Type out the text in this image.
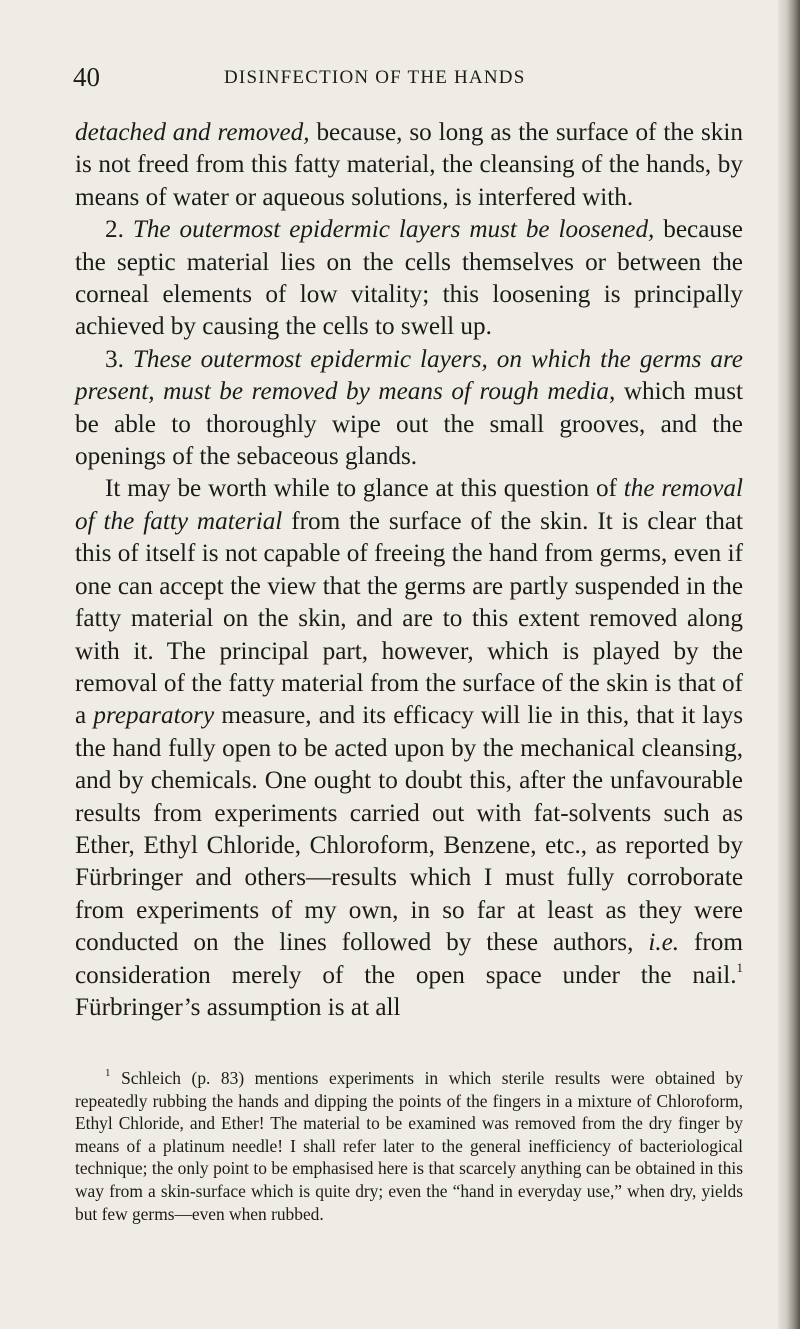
40	DISINFECTION OF THE HANDS

detached and removed, because, so long as the surface of the skin is not freed from this fatty material, the cleansing of the hands, by means of water or aqueous solutions, is interfered with.

2. The outermost epidermic layers must be loosened, because the septic material lies on the cells themselves or between the corneal elements of low vitality; this loosening is principally achieved by causing the cells to swell up.

3. These outermost epidermic layers, on which the germs are present, must be removed by means of rough media, which must be able to thoroughly wipe out the small grooves, and the openings of the sebaceous glands.

It may be worth while to glance at this question of the removal of the fatty material from the surface of the skin. It is clear that this of itself is not capable of freeing the hand from germs, even if one can accept the view that the germs are partly suspended in the fatty material on the skin, and are to this extent removed along with it. The principal part, however, which is played by the removal of the fatty material from the surface of the skin is that of a preparatory measure, and its efficacy will lie in this, that it lays the hand fully open to be acted upon by the mechanical cleansing, and by chemicals. One ought to doubt this, after the unfavourable results from experiments carried out with fat-solvents such as Ether, Ethyl Chloride, Chloroform, Benzene, etc., as reported by Fürbringer and others—results which I must fully corroborate from experiments of my own, in so far at least as they were conducted on the lines followed by these authors, i.e. from consideration merely of the open space under the nail.$^1$ Fürbringer’s assumption is at all

$^1$ Schleich (p. 83) mentions experiments in which sterile results were obtained by repeatedly rubbing the hands and dipping the points of the fingers in a mixture of Chloroform, Ethyl Chloride, and Ether! The material to be examined was removed from the dry finger by means of a platinum needle! I shall refer later to the general inefficiency of bacteriological technique; the only point to be emphasised here is that scarcely anything can be obtained in this way from a skin-surface which is quite dry; even the “hand in everyday use,” when dry, yields but few germs—even when rubbed.
